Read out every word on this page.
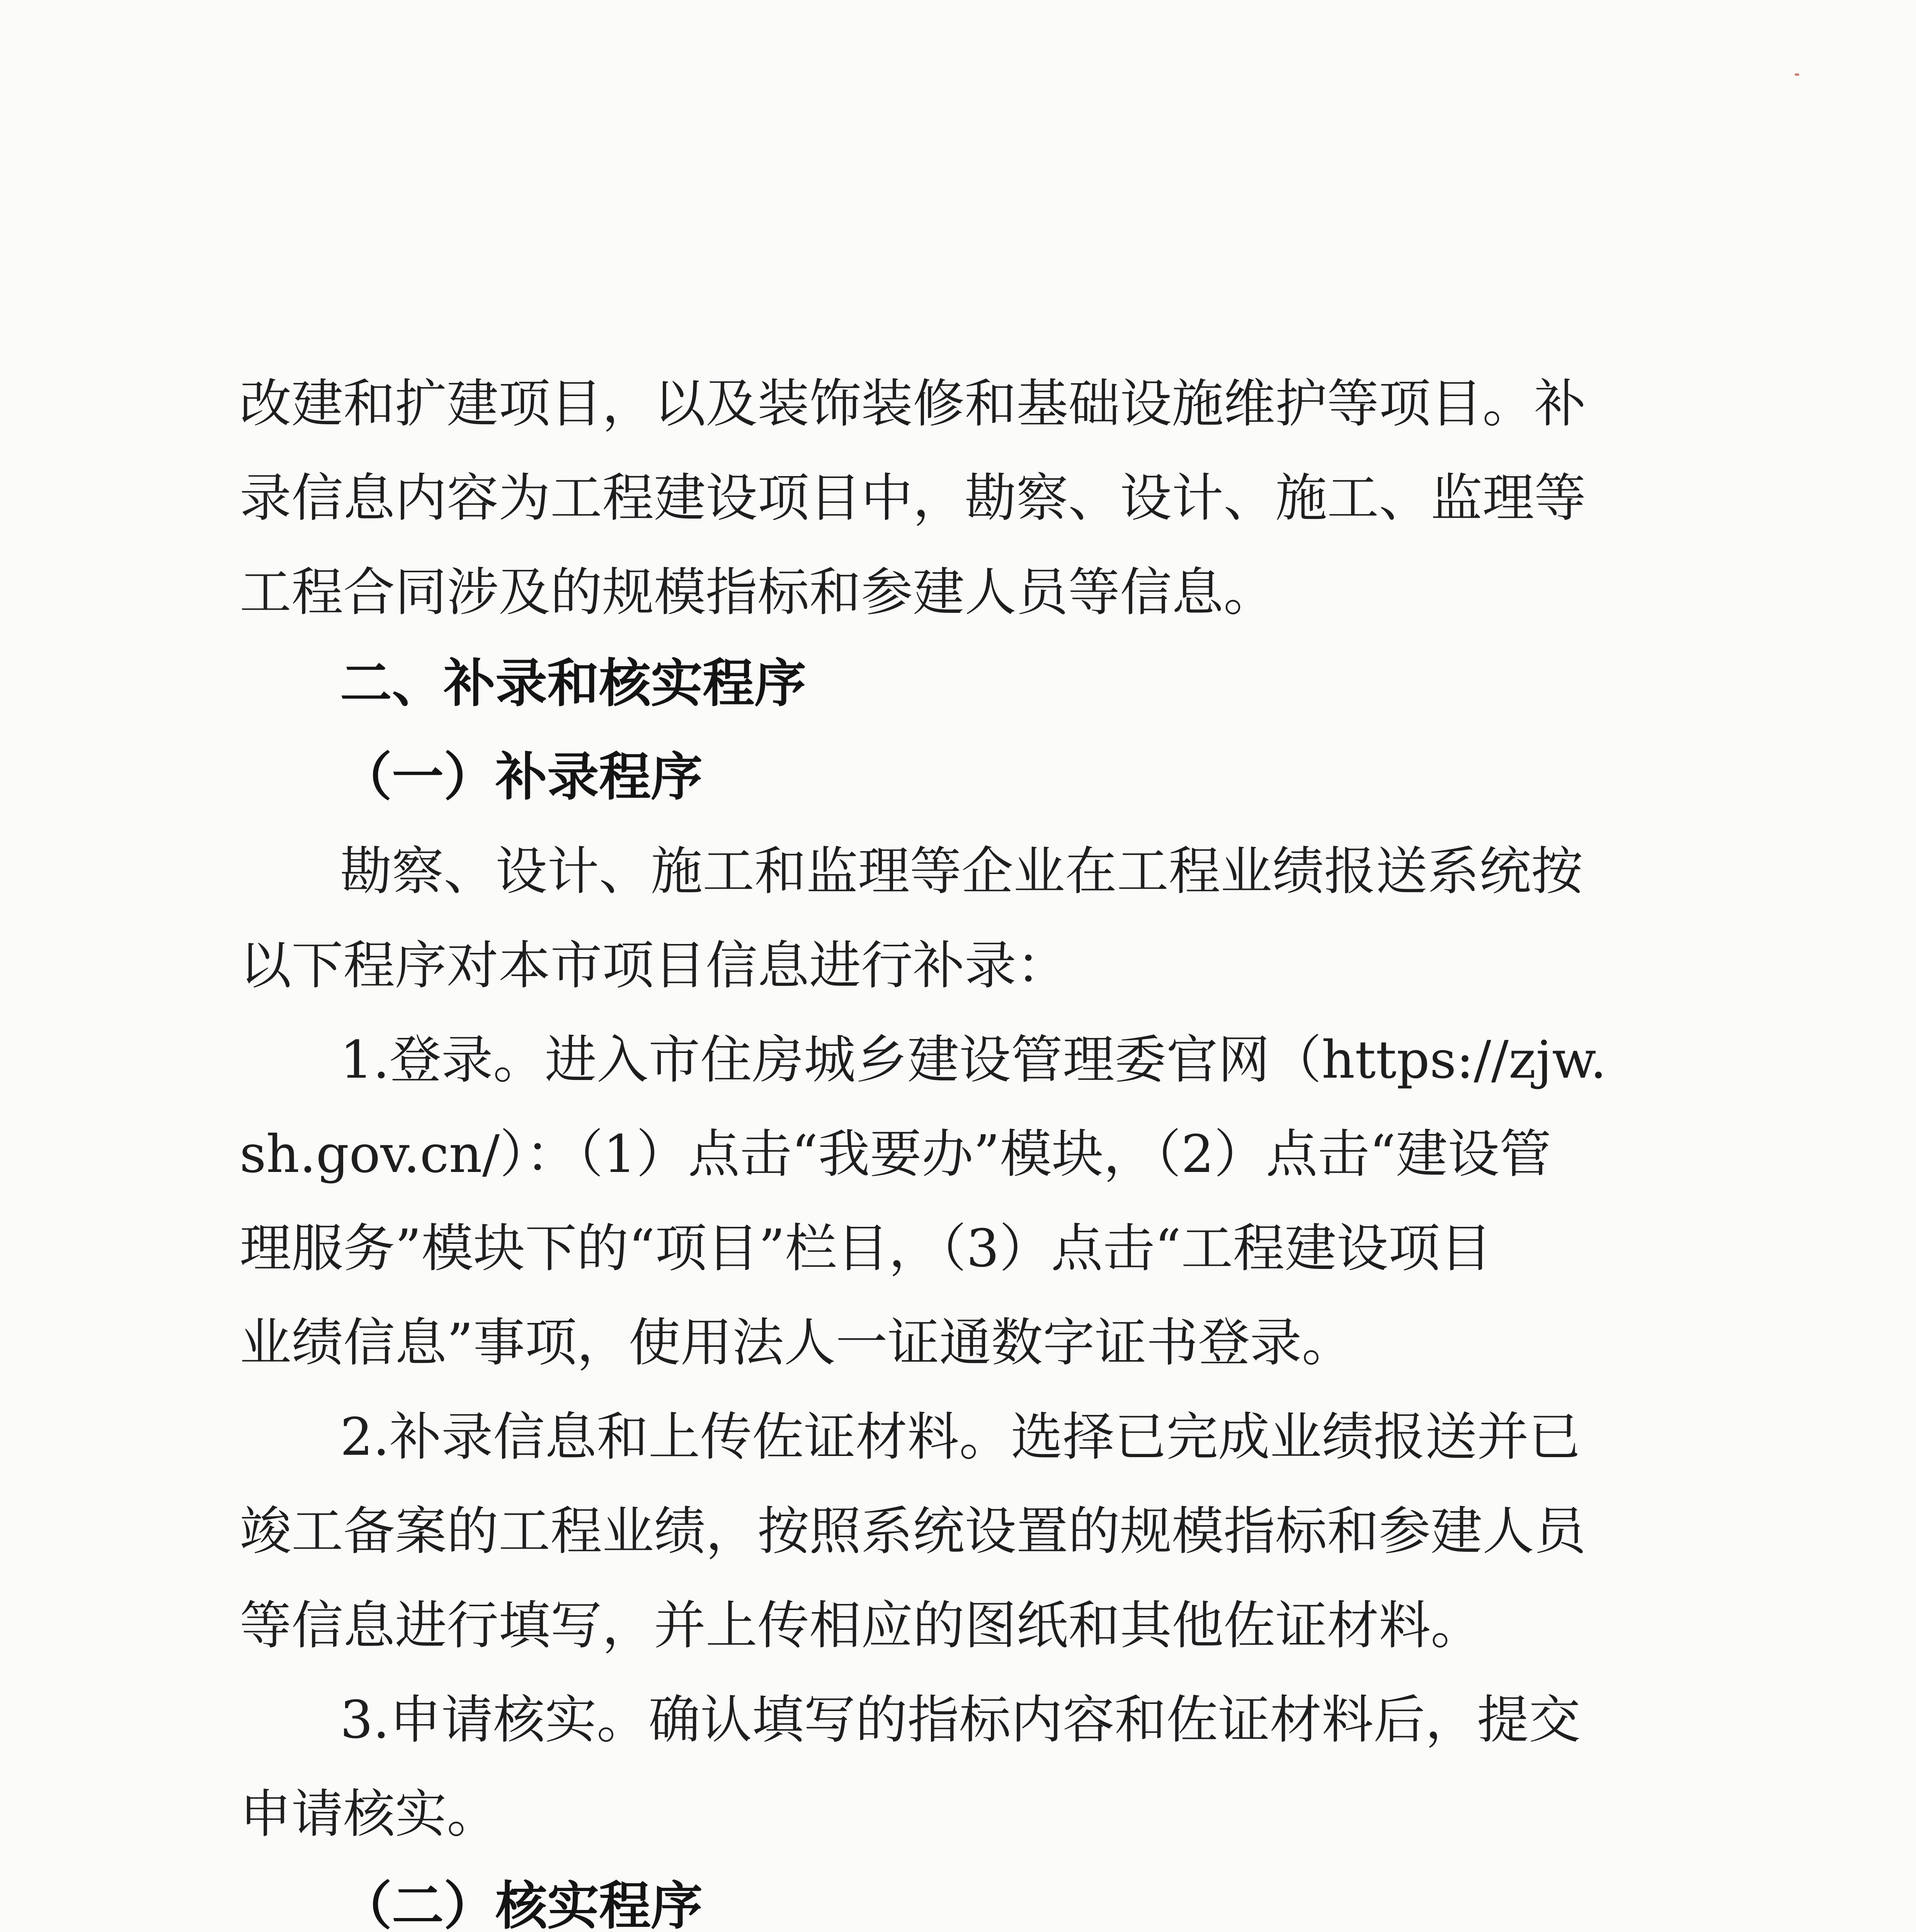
改建和扩建项目，以及装饰装修和基础设施维护等项目。补

录信息内容为工程建设项目中，勘察、设计、施工、监理等

工程合同涉及的规模指标和参建人员等信息。

二、补录和核实程序

（一）补录程序

勘察、设计、施工和监理等企业在工程业绩报送系统按

以下程序对本市项目信息进行补录：

1.登录。进入市住房城乡建设管理委官网（https://zjw.

sh.gov.cn/）：（1）点击“我要办”模块，（2）点击“建设管

理服务”模块下的“项目”栏目，（3）点击“工程建设项目

业绩信息”事项，使用法人一证通数字证书登录。

2.补录信息和上传佐证材料。选择已完成业绩报送并已

竣工备案的工程业绩，按照系统设置的规模指标和参建人员

等信息进行填写，并上传相应的图纸和其他佐证材料。

3.申请核实。确认填写的指标内容和佐证材料后，提交

申请核实。

（二）核实程序
